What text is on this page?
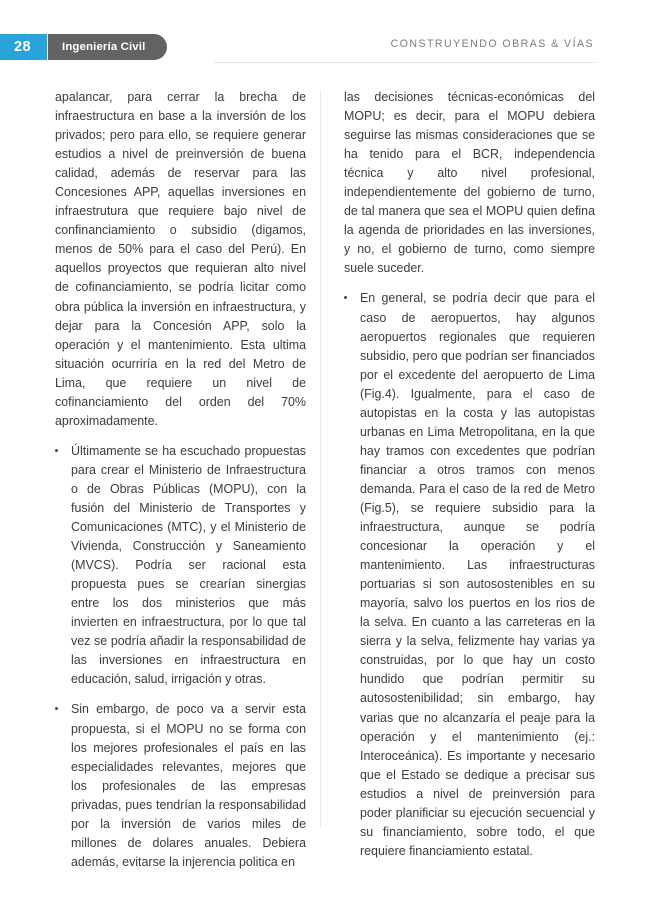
28	Ingeniería Civil	CONSTRUYENDO OBRAS & VÍAS

apalancar, para cerrar la brecha de infraestructura en base a la inversión de los privados; pero para ello, se requiere generar estudios a nivel de preinversión de buena calidad, además de reservar para las Concesiones APP, aquellas inversiones en infraestrutura que requiere bajo nivel de confinanciamiento o subsidio (digamos, menos de 50% para el caso del Perú). En aquellos proyectos que requieran alto nivel de cofinanciamiento, se podría licitar como obra pública la inversión en infraestructura, y dejar para la Concesión APP, solo la operación y el mantenimiento. Esta ultima situación ocurriría en la red del Metro de Lima, que requiere un nivel de cofinanciamiento del orden del 70% aproximadamente.

Últimamente se ha escuchado propuestas para crear el Ministerio de Infraestructura o de Obras Públicas (MOPU), con la fusión del Ministerio de Transportes y Comunicaciones (MTC), y el Ministerio de Vivienda, Construcción y Saneamiento (MVCS). Podría ser racional esta propuesta pues se crearían sinergias entre los dos ministerios que más invierten en infraestructura, por lo que tal vez se podría añadir la responsabilidad de las inversiones en infraestructura en educación, salud, irrigación y otras.

Sin embargo, de poco va a servir esta propuesta, si el MOPU no se forma con los mejores profesionales el país en las especialidades relevantes, mejores que los profesionales de las empresas privadas, pues tendrían la responsabilidad por la inversión de varios miles de millones de dolares anuales. Debiera además, evitarse la injerencia politica en

las decisiones técnicas-económicas del MOPU; es decir, para el MOPU debiera seguirse las mismas consideraciones que se ha tenido para el BCR, independencia técnica y alto nivel profesional, independientemente del gobierno de turno, de tal manera que sea el MOPU quien defina la agenda de prioridades en las inversiones, y no, el gobierno de turno, como siempre suele suceder.

En general, se podría decir que para el caso de aeropuertos, hay algunos aeropuertos regionales que requieren subsidio, pero que podrían ser financiados por el excedente del aeropuerto de Lima (Fig.4). Igualmente, para el caso de autopistas en la costa y las autopistas urbanas en Lima Metropolitana, en la que hay tramos con excedentes que podrían financiar a otros tramos con menos demanda. Para el caso de la red de Metro (Fig.5), se requiere subsidio para la infraestructura, aunque se podría concesionar la operación y el mantenimiento. Las infraestructuras portuarias si son autosostenibles en su mayoría, salvo los puertos en los rios de la selva. En cuanto a las carreteras en la sierra y la selva, felizmente hay varias ya construidas, por lo que hay un costo hundido que podrían permitir su autosostenibilidad; sin embargo, hay varias que no alcanzaría el peaje para la operación y el mantenimiento (ej.: Interoceánica). Es importante y necesario que el Estado se dedique a precisar sus estudios a nivel de preinversión para poder planificiar su ejecución secuencial y su financiamiento, sobre todo, el que requiere financiamiento estatal.
